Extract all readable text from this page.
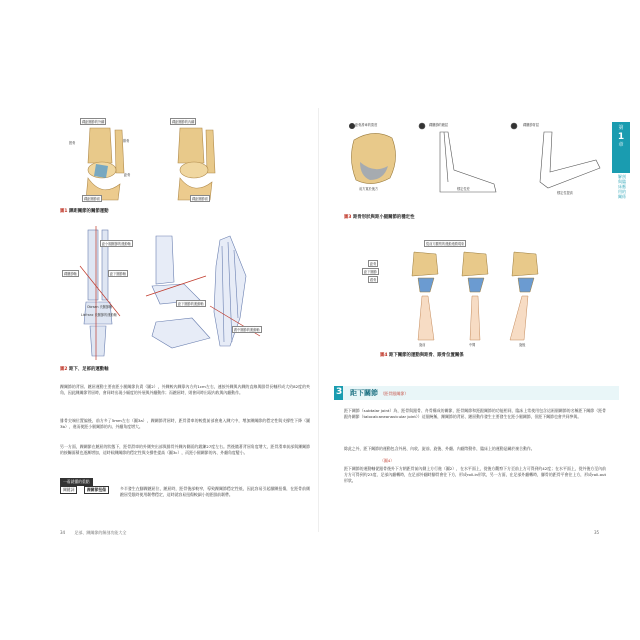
踝距關節的外翻	踝距關節的內翻
脛骨	腓骨
距骨
踝距關節面	踝距關節面
圖1 踝距關節的關節運動
距小腿關節的運動軸
踝關節軸	距下關節軸
Obrsen 氏關節軸
Lisfranc 氏關節的運動軸
距下關節的運動軸
跗中關節的運動軸
圖2 距下、足部的運動軸

踝關節的背屈、蹠屈運動主要由距小腿關節負責（圖2），外踝較內踝靠內方約1cm左右，連接外踝與內踝的直線與腓骨長軸形成大約82度的夾角，因此踝關節背屈時，會同時出現小幅度的外展與外翻動作；而蹠屈時，則會同時出現內收與內翻動作。

腓骨尖端位置偏後，前方多了5mm左右（圖3a），踝關節背屈時，距骨滑車的較寬前部會進入踝穴中，增加踝關節的穩定性與支撐性下降（圖3b），進而使距小腿關節的內、外翻角度增大。

另一方面，踝關節在蹠屈的狀態下，距骨滑車的外側突出部與腓骨外踝內側面的鍛鍊27度左右。然後隨著背屈角度增大，距骨滑車前部與踝關節的接觸面積也逐漸增加，這時候踝關節的穩定性與支撐性提高（圖3c），而距小腿關節的內、外翻角度變小。

一看就懂的重點
關鍵詞	踝關節扭傷	多半發生在腳踝蹠屈位，蹠屈時，距骨後部較窄，導致踝關節穩定性低，因此容易引起腳踝扭傷，在距骨前側蹠屈受限時使用韌帶穩定，這時就容易扭傷較細小的距腓前韌帶。

34 足部、踝關節的解剖功能大全
距骨滑車的寬度	踝關節的蹠屈	踝關節背屈
前方寬於後方	穩定性差
穩定性提高
圖3 距骨形狀與距小腿關節的穩定性
從前方觀察的運動連鎖現象
距骨
距下關節
跟骨
旋前	中間	旋後
圖4 距下關節的運動與距骨、跟骨位置關係
3	距下關節 （距骨跟關節）

距下關節（subtalar joint）為，距骨與跟骨、舟骨構成的關節，距骨關節和距跟關節的功能相同，臨床上常使用包含這兩個關節的名稱距下關節（距骨跟舟關節（talocalcaneonavicular joint））這個統稱，踝關節的背屈、蹠屈動作發生主要發生在距小腿關節，但距下關節也會共同參與。

除此之外，距下關節的運動包含外展、內收、旋前、旋後、外翻、內翻等動作，臨床上的運動是屬於複合動作。

（圖4）

距下關節的運動軸從跟骨後外下方朝距骨前內側上方行進（圖2），在水平面上，從後方觀察下方至前上方可得到約42度；在水平面上，從外後方至內前方方可得到約23度，足部內翻轉時，在足部外翻時腳骨會往下方，形成roll-in形狀，另一方面，在足部外翻轉時，腳骨的距骨平會往上方，形成roll-out形狀。

35
第
1
章
解剖與臨床應用的關係
